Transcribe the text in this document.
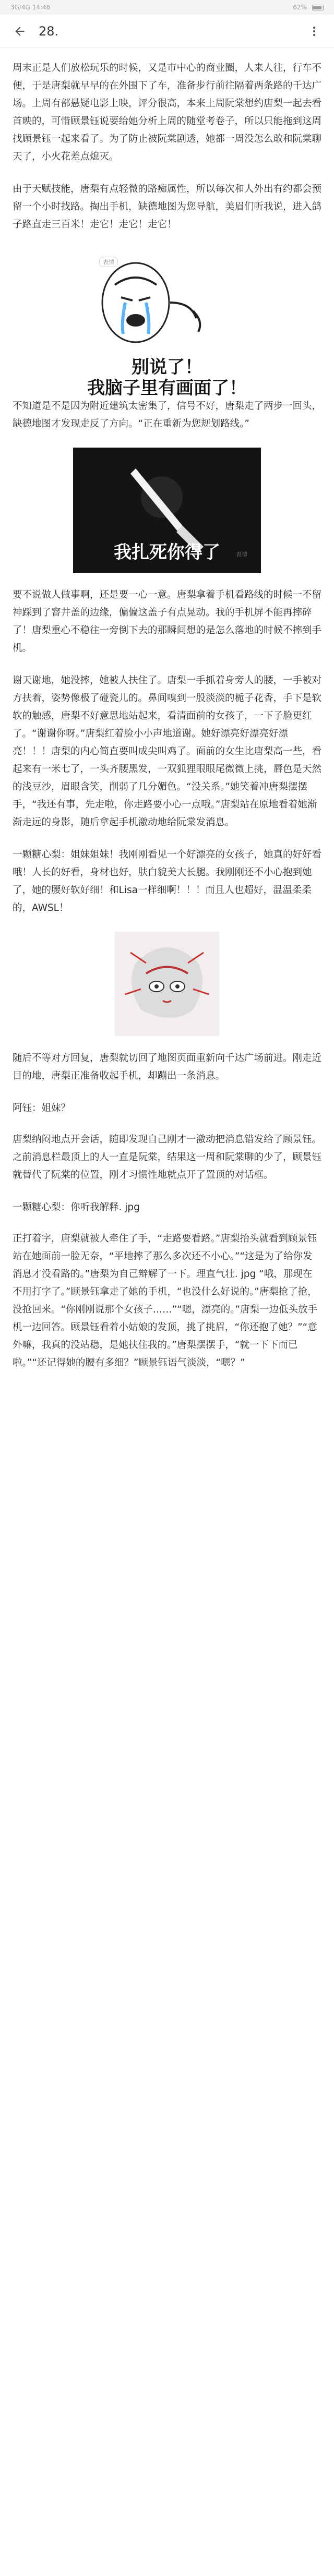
3G/4G 14:46	62%
28.

周末正是人们放松玩乐的时候，又是市中心的商业圈，人来人往，行车不便，于是唐梨就早早的在外围下了车，准备步行前往隔着两条路的千达广场。上周有部悬疑电影上映，评分很高，本来上周阮棠想约唐梨一起去看首映的，可惜顾景钰说要给她分析上周的随堂考卷子，所以只能拖到这周找顾景钰一起来看了。为了防止被阮棠剧透，她都一周没怎么敢和阮棠聊天了，小火花差点熄灭。

由于天赋技能，唐梨有点轻微的路痴属性，所以每次和人外出有约都会预留一个小时找路。掏出手机，缺德地图为您导航，美眉们听我说，进入鸽子路直走三百米！走它！走它！走它！

表情
别说了！
我脑子里有画面了！

不知道是不是因为附近建筑太密集了，信号不好，唐梨走了两步一回头，缺德地图才发现走反了方向。“正在重新为您规划路线。”

我扎死你得了	表情

要不说做人做事啊，还是要一心一意。唐梨拿着手机看路线的时候一不留神踩到了窨井盖的边缘，偏偏这盖子有点晃动。我的手机屏不能再摔碎了！唐梨重心不稳往一旁倒下去的那瞬间想的是怎么落地的时候不摔到手机。

谢天谢地，她没摔，她被人扶住了。唐梨一手抓着身旁人的腰，一手被对方扶着，姿势像极了碰瓷儿的。鼻间嗅到一股淡淡的栀子花香，手下是软软的触感，唐梨不好意思地站起来，看清面前的女孩子，一下子脸更红了。“谢谢你呀。”唐梨红着脸小小声地道谢。她好漂亮好漂亮好漂亮！！！唐梨的内心简直要叫成尖叫鸡了。面前的女生比唐梨高一些，看起来有一米七了，一头齐腰黑发，一双狐狸眼眼尾微微上挑，唇色是天然的浅豆沙，眉眼含笑，削弱了几分媚色。“没关系。”她笑着冲唐梨摆摆手，“我还有事，先走啦，你走路要小心一点哦。”唐梨站在原地看着她渐渐走远的身影，随后拿起手机激动地给阮棠发消息。

一颗糖心梨：姐妹姐妹！我刚刚看见一个好漂亮的女孩子，她真的好好看哦！人长的好看，身材也好，肤白貌美大长腿。我刚刚还不小心抱到她了，她的腰好软好细！和Lisa一样细啊！！！而且人也超好，温温柔柔的，AWSL！

随后不等对方回复，唐梨就切回了地图页面重新向千达广场前进。刚走近目的地，唐梨正准备收起手机，却蹦出一条消息。

阿钰：姐妹？

唐梨纳闷地点开会话，随即发现自己刚才一激动把消息错发给了顾景钰。之前消息栏最顶上的人一直是阮棠，结果这一周和阮棠聊的少了，顾景钰就替代了阮棠的位置，刚才习惯性地就点开了置顶的对话框。

一颗糖心梨：你听我解释. jpg

正打着字，唐梨就被人牵住了手，“走路要看路。”唐梨抬头就看到顾景钰站在她面前一脸无奈，“平地摔了那么多次还不小心。”“这是为了给你发消息才没看路的。”唐梨为自己辩解了一下。理直气壮. jpg “哦，那现在不用打字了。”顾景钰拿走了她的手机，“也没什么好说的。”唐梨抢了抢，没抢回来。“你刚刚说那个女孩子……”“嗯，漂亮的。”唐梨一边低头放手机一边回答。顾景钰看着小姑娘的发顶，挑了挑眉，“你还抱了她？”“意外嘛，我真的没站稳，是她扶住我的。”唐梨摆摆手，“就一下下而已啦。”“还记得她的腰有多细？”顾景钰语气淡淡，“嗯？”
